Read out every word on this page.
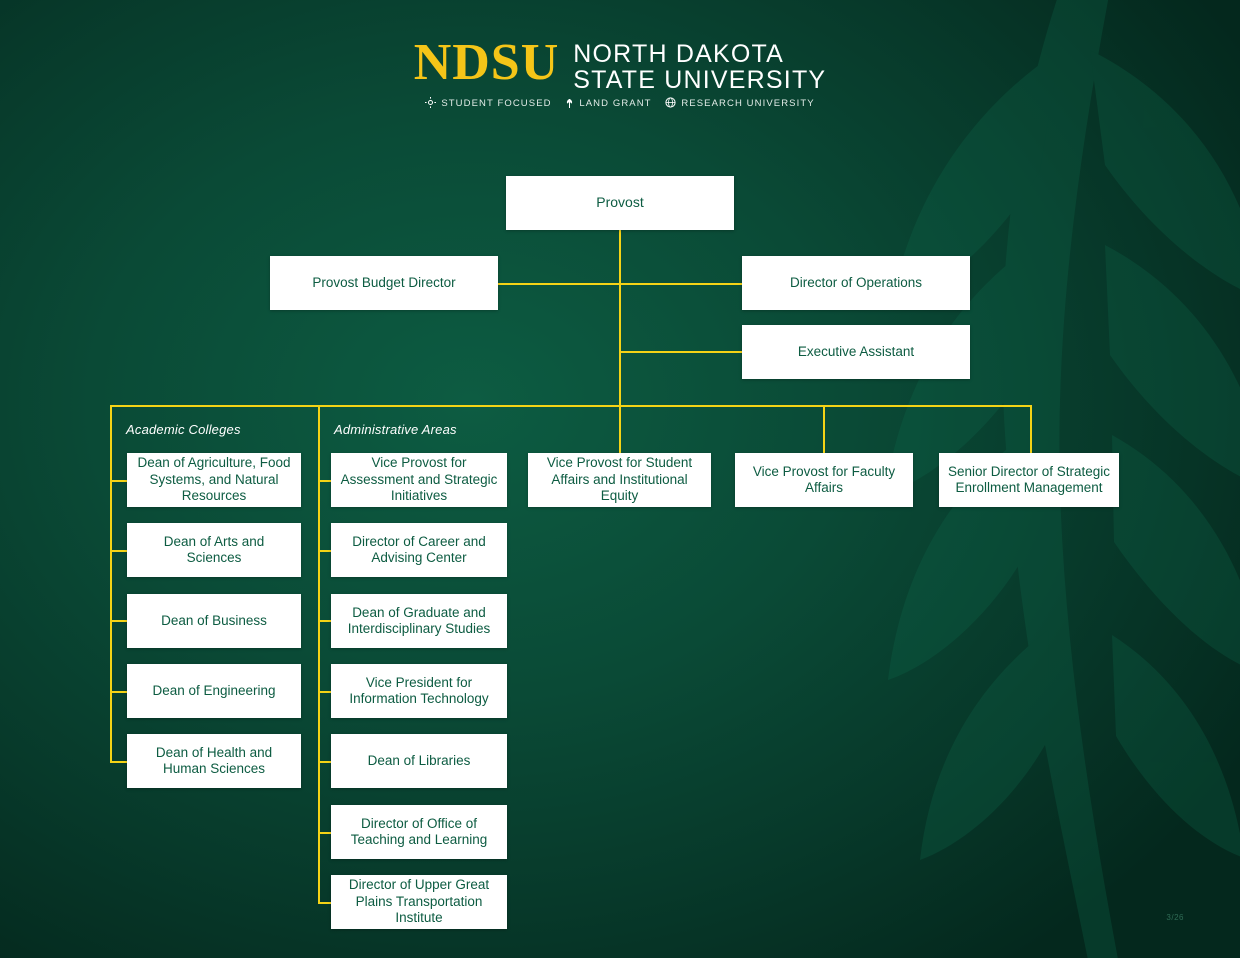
NDSU NORTH DAKOTA
STATE UNIVERSITY
STUDENT FOCUSED
	LAND GRANT
	RESEARCH UNIVERSITY
Academic Colleges	Administrative Areas
Provost
Provost Budget Director	Director of Operations
Executive Assistant
Vice Provost for Student Affairs and Institutional Equity
Vice Provost for Faculty Affairs
Senior Director of Strategic Enrollment Management
Dean of Agriculture, Food Systems, and Natural Resources
Dean of Arts and Sciences
Dean of Business
Dean of Engineering
Dean of Health and Human Sciences
Vice Provost for Assessment and Strategic Initiatives
Director of Career and Advising Center
Dean of Graduate and Interdisciplinary Studies
Vice President for Information Technology
Dean of Libraries
Director of Office of Teaching and Learning
Director of Upper Great Plains Transportation Institute	3/26
